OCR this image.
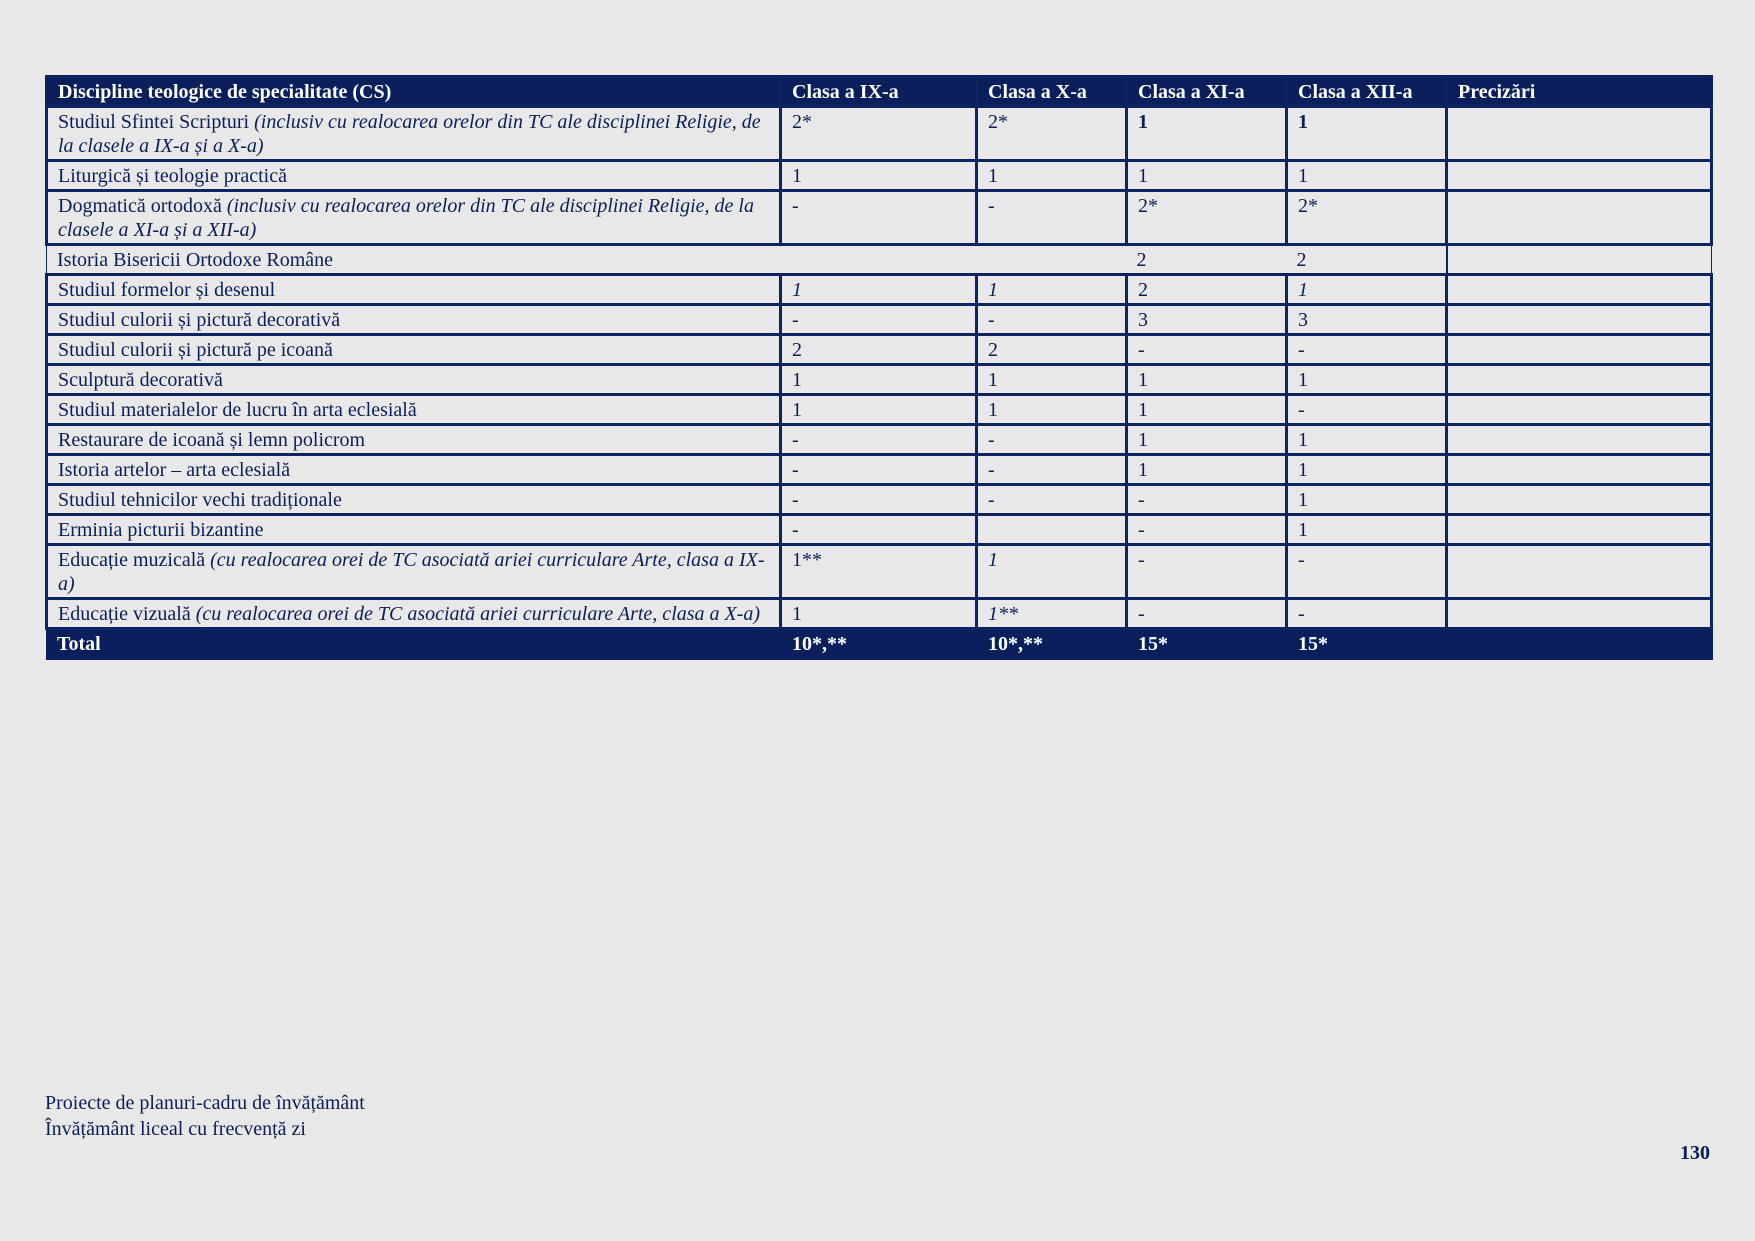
Discipline teologice de specialitate (CS)	Clasa a IX-a	Clasa a X-a	Clasa a XI-a	Clasa a XII-a	Precizări
Studiul Sfintei Scripturi (inclusiv cu realocarea orelor din TC ale disciplinei Religie, de la clasele a IX-a și a X-a)	2*	2*	1	1	
Liturgică și teologie practică	1	1	1	1	
Dogmatică ortodoxă (inclusiv cu realocarea orelor din TC ale disciplinei Religie, de la clasele a XI-a și a XII-a)	-	-	2*	2*	
Istoria Bisericii Ortodoxe Române			2	2	
Studiul formelor și desenul	1	1	2	1	
Studiul culorii și pictură decorativă	-	-	3	3	
Studiul culorii și pictură pe icoană	2	2	-	-	
Sculptură decorativă	1	1	1	1	
Studiul materialelor de lucru în arta eclesială	1	1	1	-	
Restaurare de icoană și lemn policrom	-	-	1	1	
Istoria artelor – arta eclesială	-	-	1	1	
Studiul tehnicilor vechi tradiționale	-	-	-	1	
Erminia picturii bizantine	-		-	1	
Educație muzicală (cu realocarea orei de TC asociată ariei curriculare Arte, clasa a IX-a)	1**	1	-	-	
Educație vizuală (cu realocarea orei de TC asociată ariei curriculare Arte, clasa a X-a)	1	1**	-	-	
Total	10*,**	10*,**	15*	15*	
Proiecte de planuri-cadru de învățământ
Învățământ liceal cu frecvență zi
130
